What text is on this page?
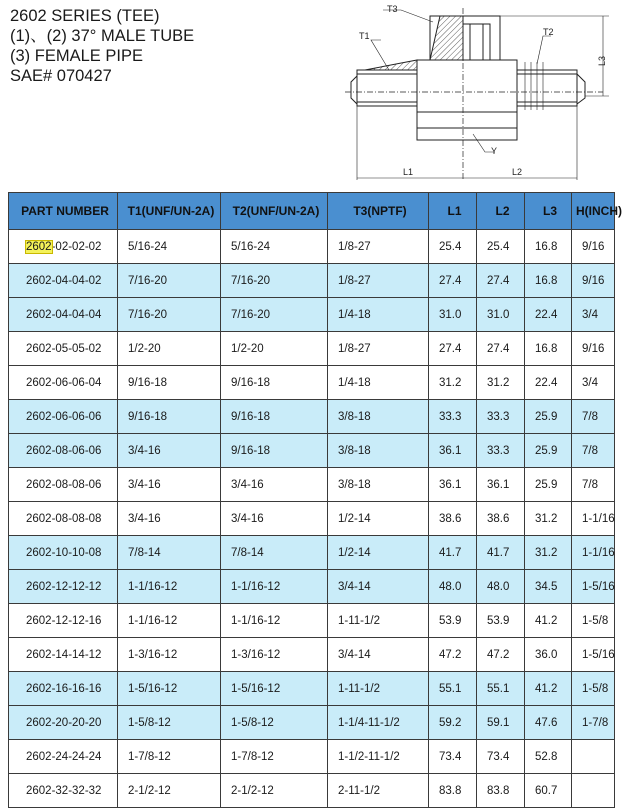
2602 SERIES (TEE)
(1)、(2) 37° MALE TUBE
(3) FEMALE PIPE
SAE# 070427
T1
T3
T2
L3
Y
L1	L2
PART NUMBER	T1(UNF/UN-2A)	T2(UNF/UN-2A)	T3(NPTF)	L1	L2	L3	H(INCH)
2602-02-02-02	5/16-24	5/16-24	1/8-27	25.4	25.4	16.8	9/16
2602-04-04-02	7/16-20	7/16-20	1/8-27	27.4	27.4	16.8	9/16
2602-04-04-04	7/16-20	7/16-20	1/4-18	31.0	31.0	22.4	3/4
2602-05-05-02	1/2-20	1/2-20	1/8-27	27.4	27.4	16.8	9/16
2602-06-06-04	9/16-18	9/16-18	1/4-18	31.2	31.2	22.4	3/4
2602-06-06-06	9/16-18	9/16-18	3/8-18	33.3	33.3	25.9	7/8
2602-08-06-06	3/4-16	9/16-18	3/8-18	36.1	33.3	25.9	7/8
2602-08-08-06	3/4-16	3/4-16	3/8-18	36.1	36.1	25.9	7/8
2602-08-08-08	3/4-16	3/4-16	1/2-14	38.6	38.6	31.2	1-1/16
2602-10-10-08	7/8-14	7/8-14	1/2-14	41.7	41.7	31.2	1-1/16
2602-12-12-12	1-1/16-12	1-1/16-12	3/4-14	48.0	48.0	34.5	1-5/16
2602-12-12-16	1-1/16-12	1-1/16-12	1-11-1/2	53.9	53.9	41.2	1-5/8
2602-14-14-12	1-3/16-12	1-3/16-12	3/4-14	47.2	47.2	36.0	1-5/16
2602-16-16-16	1-5/16-12	1-5/16-12	1-11-1/2	55.1	55.1	41.2	1-5/8
2602-20-20-20	1-5/8-12	1-5/8-12	1-1/4-11-1/2	59.2	59.1	47.6	1-7/8
2602-24-24-24	1-7/8-12	1-7/8-12	1-1/2-11-1/2	73.4	73.4	52.8	
2602-32-32-32	2-1/2-12	2-1/2-12	2-11-1/2	83.8	83.8	60.7	
